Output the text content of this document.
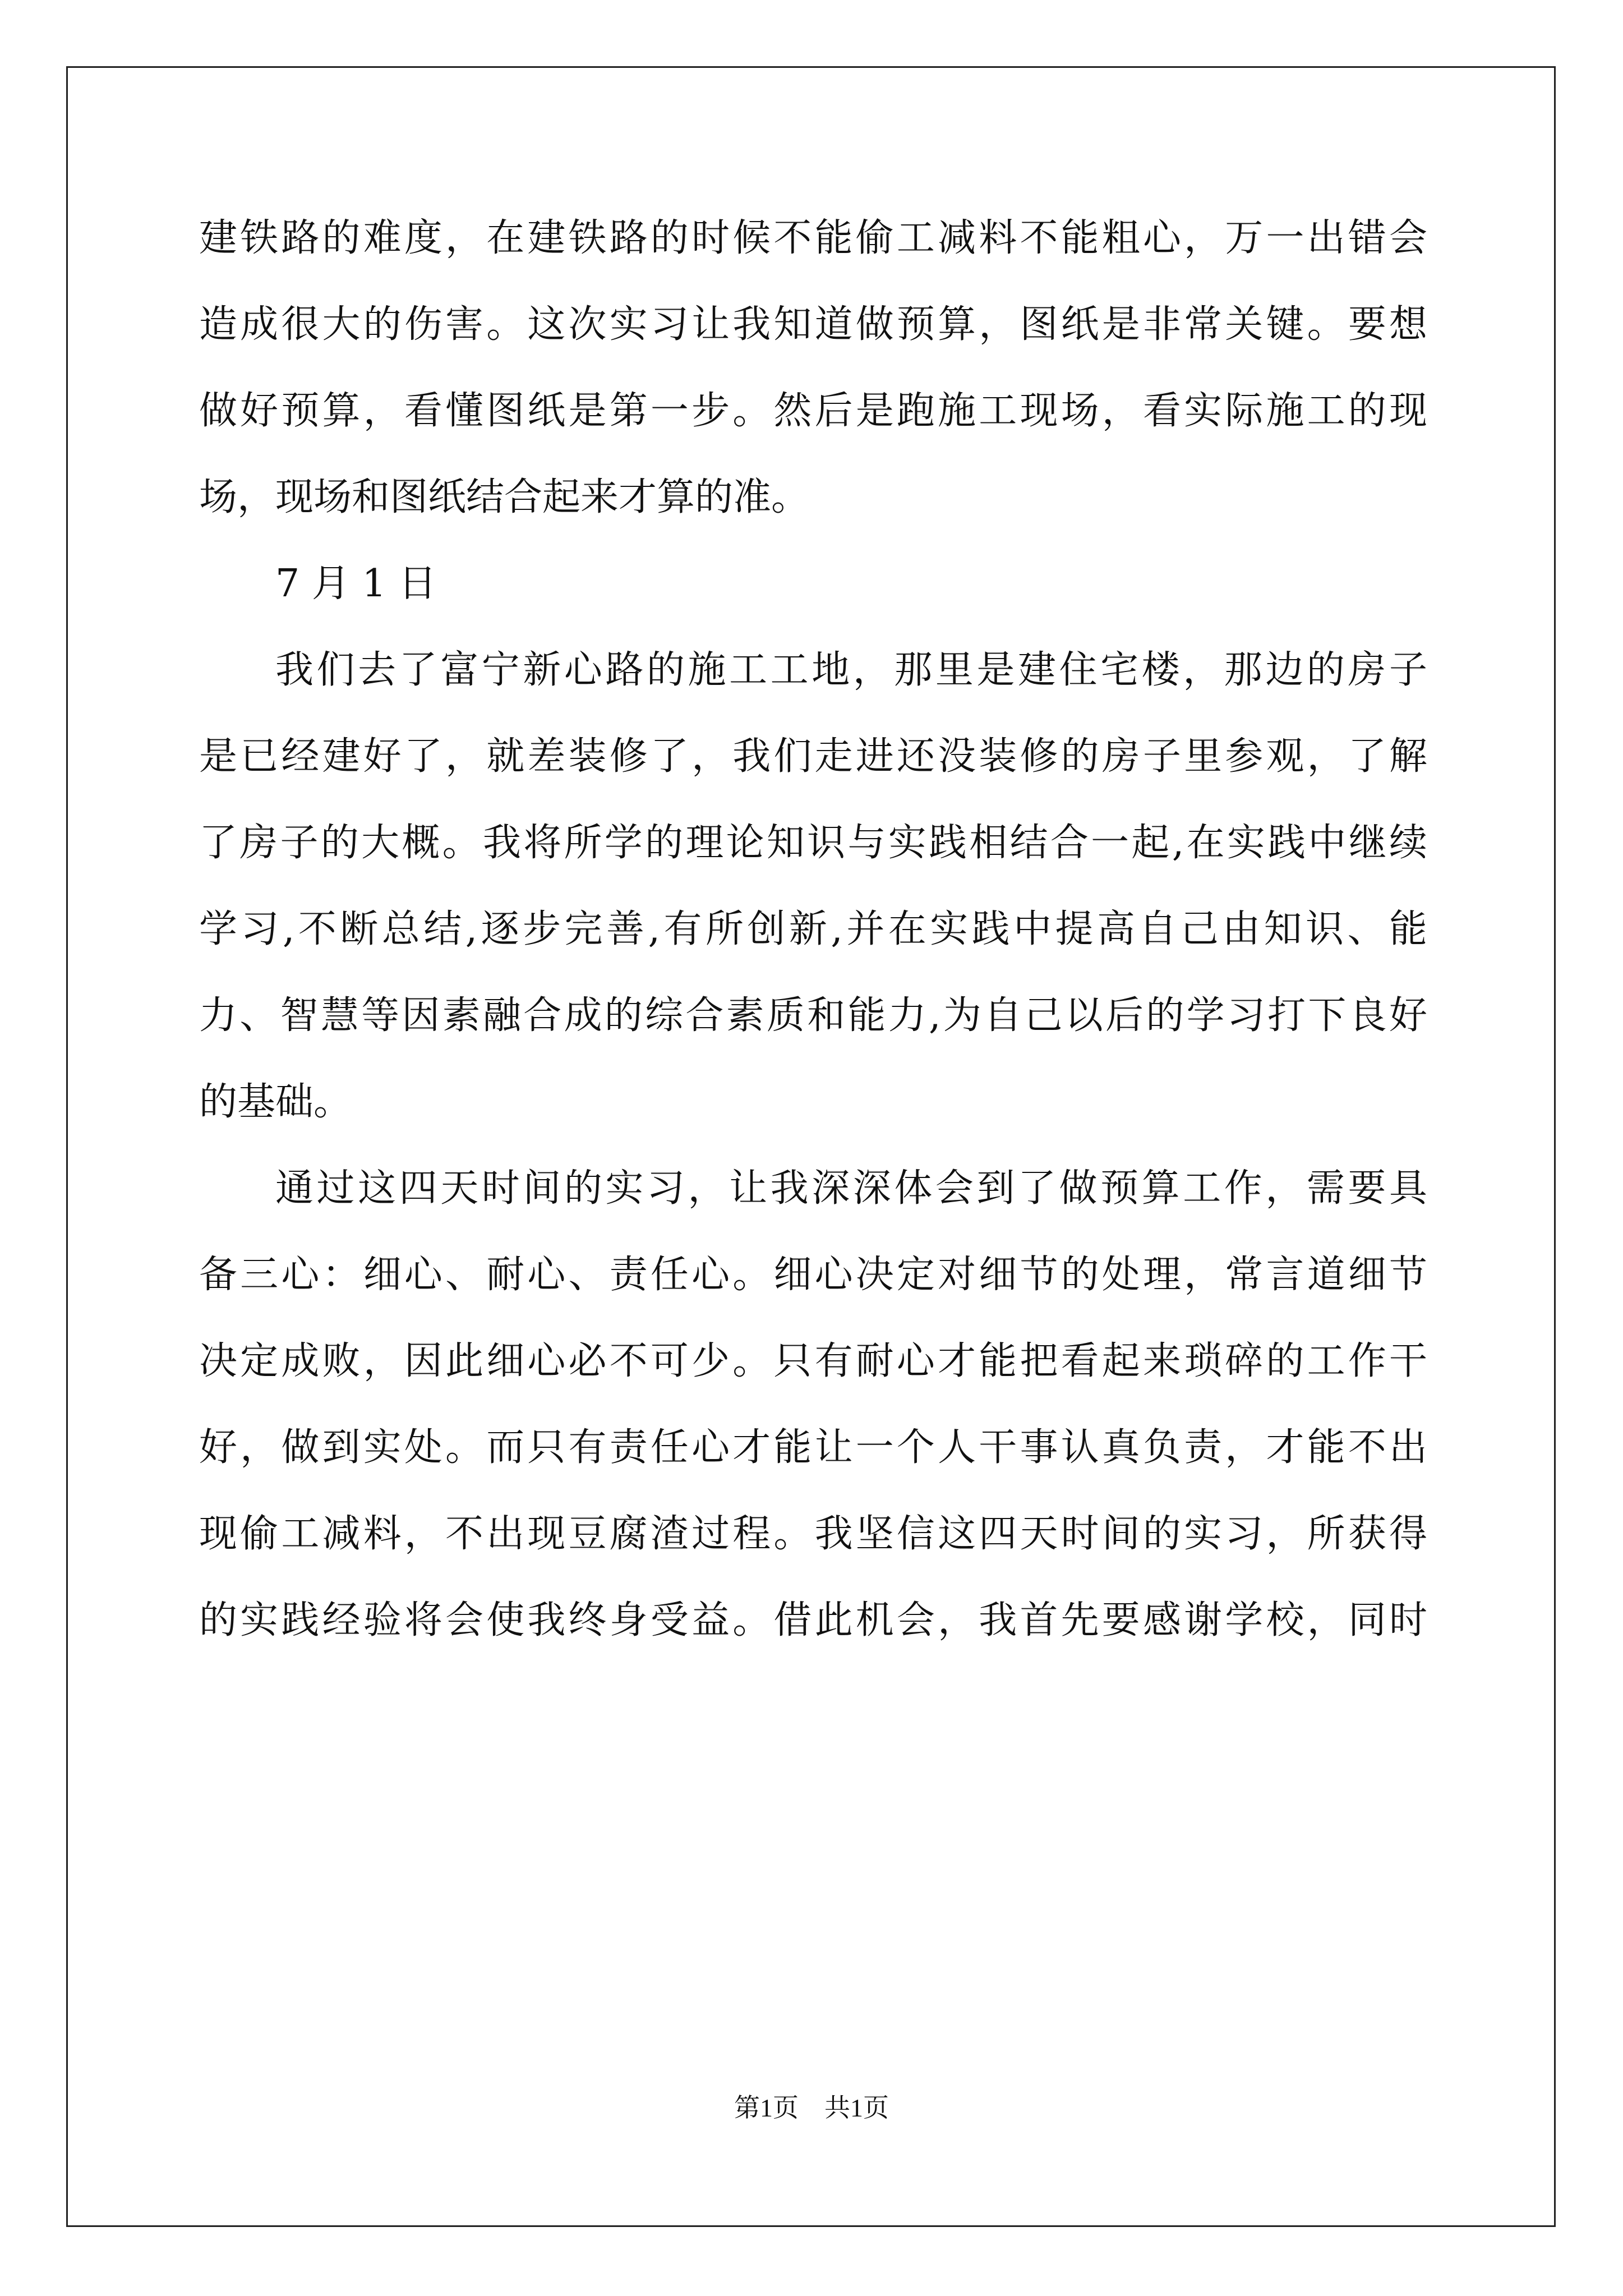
建铁路的难度，在建铁路的时候不能偷工减料不能粗心，万一出错会

造成很大的伤害。这次实习让我知道做预算，图纸是非常关键。要想

做好预算，看懂图纸是第一步。然后是跑施工现场，看实际施工的现

场，现场和图纸结合起来才算的准。

7 月 1 日

我们去了富宁新心路的施工工地，那里是建住宅楼，那边的房子

是已经建好了，就差装修了，我们走进还没装修的房子里参观，了解

了房子的大概。我将所学的理论知识与实践相结合一起,在实践中继续

学习,不断总结,逐步完善,有所创新,并在实践中提高自己由知识、能

力、智慧等因素融合成的综合素质和能力,为自己以后的学习打下良好

的基础。

通过这四天时间的实习，让我深深体会到了做预算工作，需要具

备三心：细心、耐心、责任心。细心决定对细节的处理，常言道细节

决定成败，因此细心必不可少。只有耐心才能把看起来琐碎的工作干

好，做到实处。而只有责任心才能让一个人干事认真负责，才能不出

现偷工减料，不出现豆腐渣过程。我坚信这四天时间的实习，所获得

的实践经验将会使我终身受益。借此机会，我首先要感谢学校，同时

第1页 共1页
